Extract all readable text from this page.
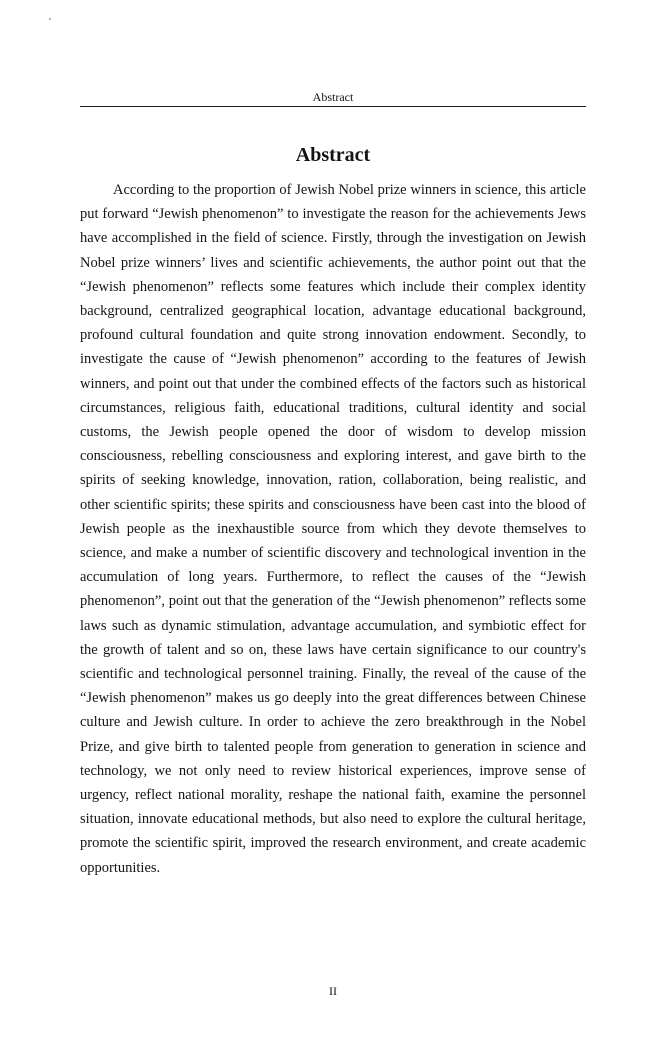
Abstract
Abstract

According to the proportion of Jewish Nobel prize winners in science, this article put forward “Jewish phenomenon” to investigate the reason for the achievements Jews have accomplished in the field of science. Firstly, through the investigation on Jewish Nobel prize winners’ lives and scientific achievements, the author point out that the “Jewish phenomenon” reflects some features which include their complex identity background, centralized geographical location, advantage educational background, profound cultural foundation and quite strong innovation endowment. Secondly, to investigate the cause of “Jewish phenomenon” according to the features of Jewish winners, and point out that under the combined effects of the factors such as historical circumstances, religious faith, educational traditions, cultural identity and social customs, the Jewish people opened the door of wisdom to develop mission consciousness, rebelling consciousness and exploring interest, and gave birth to the spirits of seeking knowledge, innovation, ration, collaboration, being realistic, and other scientific spirits; these spirits and consciousness have been cast into the blood of Jewish people as the inexhaustible source from which they devote themselves to science, and make a number of scientific discovery and technological invention in the accumulation of long years. Furthermore, to reflect the causes of the “Jewish phenomenon”, point out that the generation of the “Jewish phenomenon” reflects some laws such as dynamic stimulation, advantage accumulation, and symbiotic effect for the growth of talent and so on, these laws have certain significance to our country's scientific and technological personnel training. Finally, the reveal of the cause of the “Jewish phenomenon” makes us go deeply into the great differences between Chinese culture and Jewish culture. In order to achieve the zero breakthrough in the Nobel Prize, and give birth to talented people from generation to generation in science and technology, we not only need to review historical experiences, improve sense of urgency, reflect national morality, reshape the national faith, examine the personnel situation, innovate educational methods, but also need to explore the cultural heritage, promote the scientific spirit, improved the research environment, and create academic opportunities.

II
